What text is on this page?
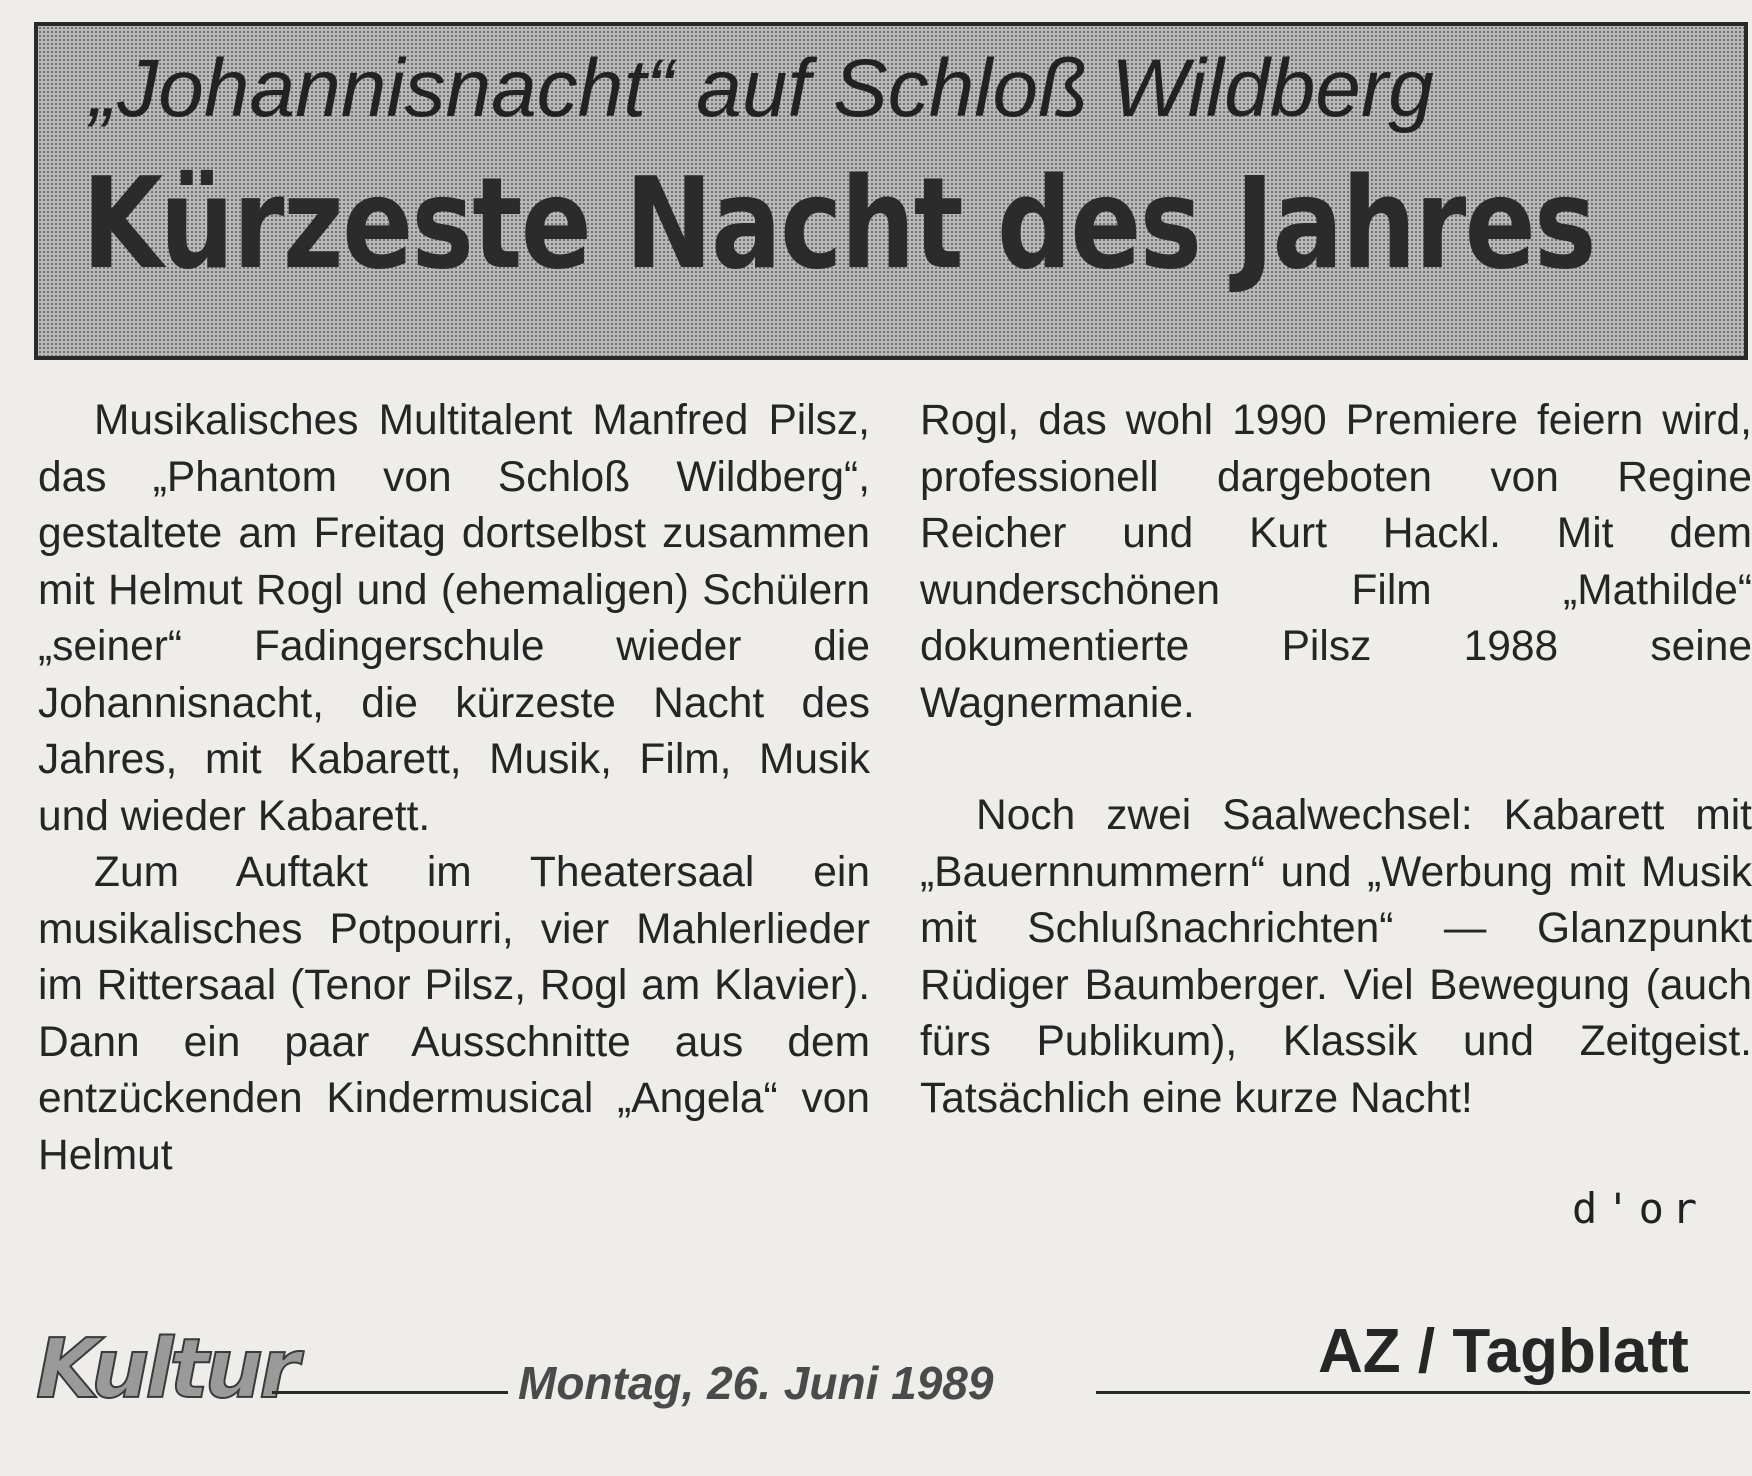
„Johannisnacht“ auf Schloß Wildberg
Kürzeste Nacht des Jahres

Musikalisches Multitalent Manfred Pilsz, das „Phantom von Schloß Wildberg“, gestaltete am Freitag dortselbst zusammen mit Helmut Rogl und (ehemaligen) Schülern „seiner“ Fadingerschule wieder die Johannisnacht, die kürzeste Nacht des Jahres, mit Kabarett, Musik, Film, Musik und wieder Kabarett.

Zum Auftakt im Theatersaal ein musikalisches Potpourri, vier Mahlerlieder im Rittersaal (Tenor Pilsz, Rogl am Klavier). Dann ein paar Ausschnitte aus dem entzückenden Kindermusical „Angela“ von Helmut

Rogl, das wohl 1990 Premiere feiern wird, professionell dargeboten von Regine Reicher und Kurt Hackl. Mit dem wunderschönen Film „Mathilde“ dokumentierte Pilsz 1988 seine Wagnermanie.

Noch zwei Saalwechsel: Kabarett mit „Bauernnummern“ und „Werbung mit Musik mit Schlußnachrichten“ — Glanzpunkt Rüdiger Baumberger. Viel Bewegung (auch fürs Publikum), Klassik und Zeitgeist. Tatsächlich eine kurze Nacht!

d'or
Kultur	Montag, 26. Juni 1989	AZ / Tagblatt
